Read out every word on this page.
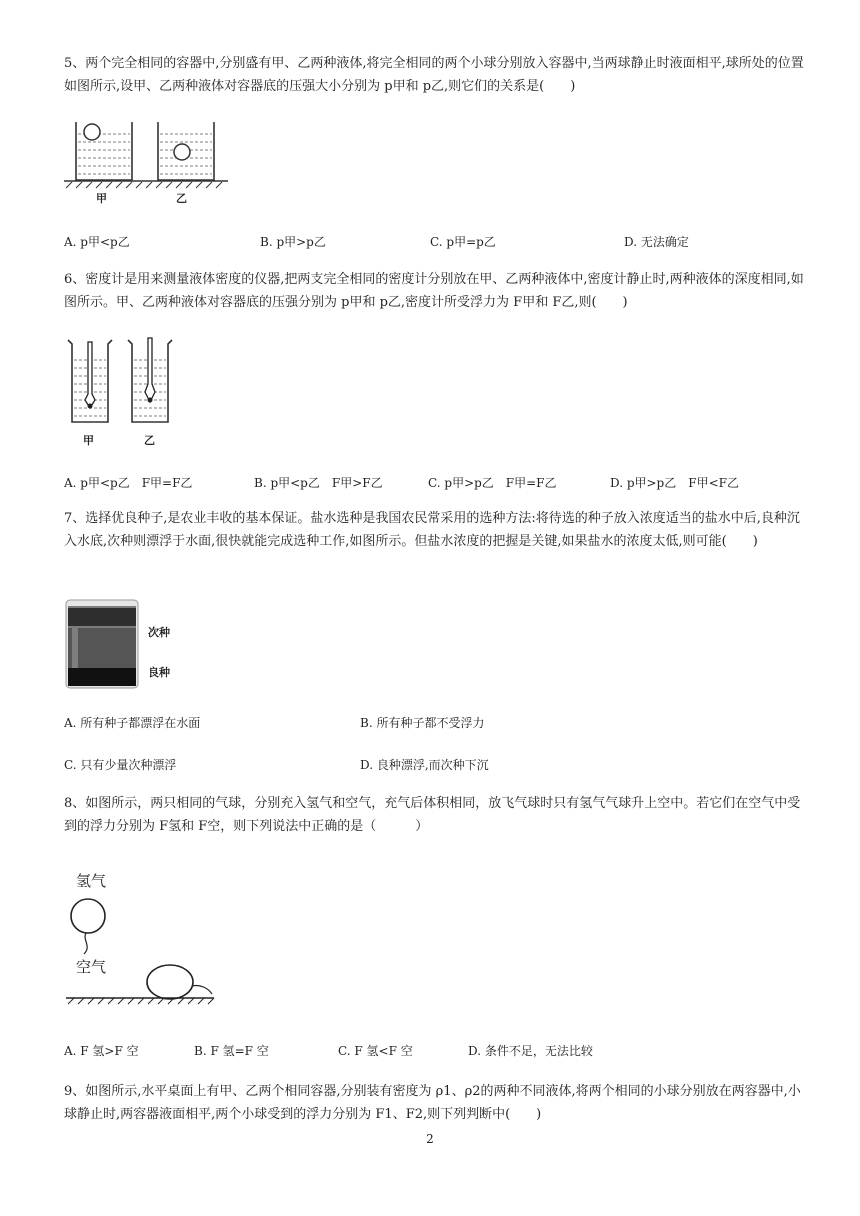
5、两个完全相同的容器中,分别盛有甲、乙两种液体,将完全相同的两个小球分别放入容器中,当两球静止时液面相平,球所处的位置如图所示,设甲、乙两种液体对容器底的压强大小分别为 p甲和 p乙,则它们的关系是(　　)
甲	乙
A. p甲<p乙	B. p甲>p乙	C. p甲=p乙	D. 无法确定
6、密度计是用来测量液体密度的仪器,把两支完全相同的密度计分别放在甲、乙两种液体中,密度计静止时,两种液体的深度相同,如图所示。甲、乙两种液体对容器底的压强分别为 p甲和 p乙,密度计所受浮力为 F甲和 F乙,则(　　)
甲	乙
A. p甲<p乙　F甲=F乙	B. p甲<p乙　F甲>F乙	C. p甲>p乙　F甲=F乙	D. p甲>p乙　F甲<F乙
7、选择优良种子,是农业丰收的基本保证。盐水选种是我国农民常采用的选种方法:将待选的种子放入浓度适当的盐水中后,良种沉入水底,次种则漂浮于水面,很快就能完成选种工作,如图所示。但盐水浓度的把握是关键,如果盐水的浓度太低,则可能(　　)
次种
良种
A. 所有种子都漂浮在水面	B. 所有种子都不受浮力
C. 只有少量次种漂浮	D. 良种漂浮,而次种下沉
8、如图所示，两只相同的气球，分别充入氢气和空气，充气后体积相同，放飞气球时只有氢气气球升上空中。若它们在空气中受到的浮力分别为 F氢和 F空，则下列说法中正确的是（　　　）
氢气
空气
A. F 氢>F 空	B. F 氢=F 空	C. F 氢<F 空	D. 条件不足，无法比较
9、如图所示,水平桌面上有甲、乙两个相同容器,分别装有密度为 ρ1、ρ2的两种不同液体,将两个相同的小球分别放在两容器中,小球静止时,两容器液面相平,两个小球受到的浮力分别为 F1、F2,则下列判断中(　　)
2
